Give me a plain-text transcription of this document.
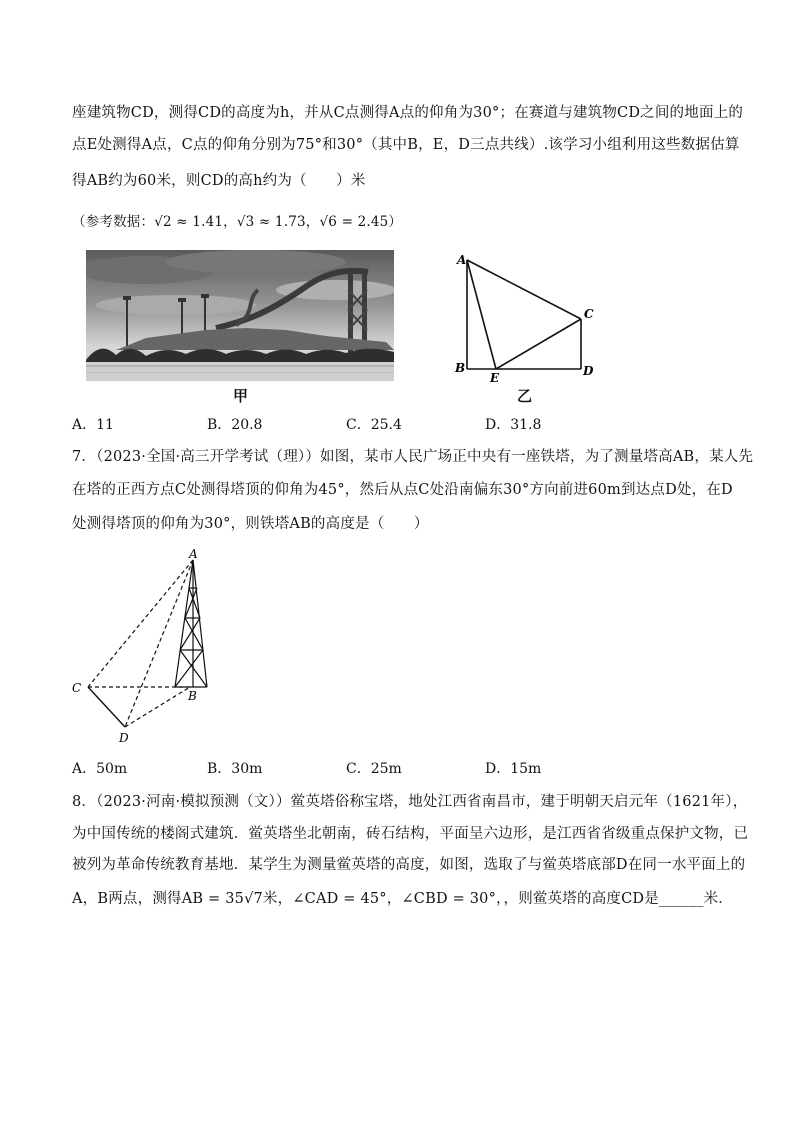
座建筑物CD，测得CD的高度为h，并从C点测得A点的仰角为30°；在赛道与建筑物CD之间的地面上的
点E处测得A点，C点的仰角分别为75°和30°（其中B，E，D三点共线）.该学习小组利用这些数据估算
得AB约为60米，则CD的高h约为（　　）米
（参考数据：√2 ≈ 1.41，√3 ≈ 1.73，√6 = 2.45）
甲
A
B
C
D
E
乙
A．11	B．20.8	C．25.4	D．31.8
7．（2023·全国·高三开学考试（理））如图，某市人民广场正中央有一座铁塔，为了测量塔高AB，某人先
在塔的正西方点C处测得塔顶的仰角为45°，然后从点C处沿南偏东30°方向前进60m到达点D处，在D
处测得塔顶的仰角为30°，则铁塔AB的高度是（　　）
A
C
B
D
A．50m	B．30m	C．25m	D．15m
8．（2023·河南·模拟预测（文））鲎英塔俗称宝塔，地处江西省南昌市，建于明朝天启元年（1621年），
为中国传统的楼阁式建筑．鲎英塔坐北朝南，砖石结构，平面呈六边形，是江西省省级重点保护文物，已
被列为革命传统教育基地．某学生为测量鲎英塔的高度，如图，选取了与鲎英塔底部D在同一水平面上的
A，B两点，测得AB = 35√7米，∠CAD = 45°，∠CBD = 30°，，则鲎英塔的高度CD是______米．
